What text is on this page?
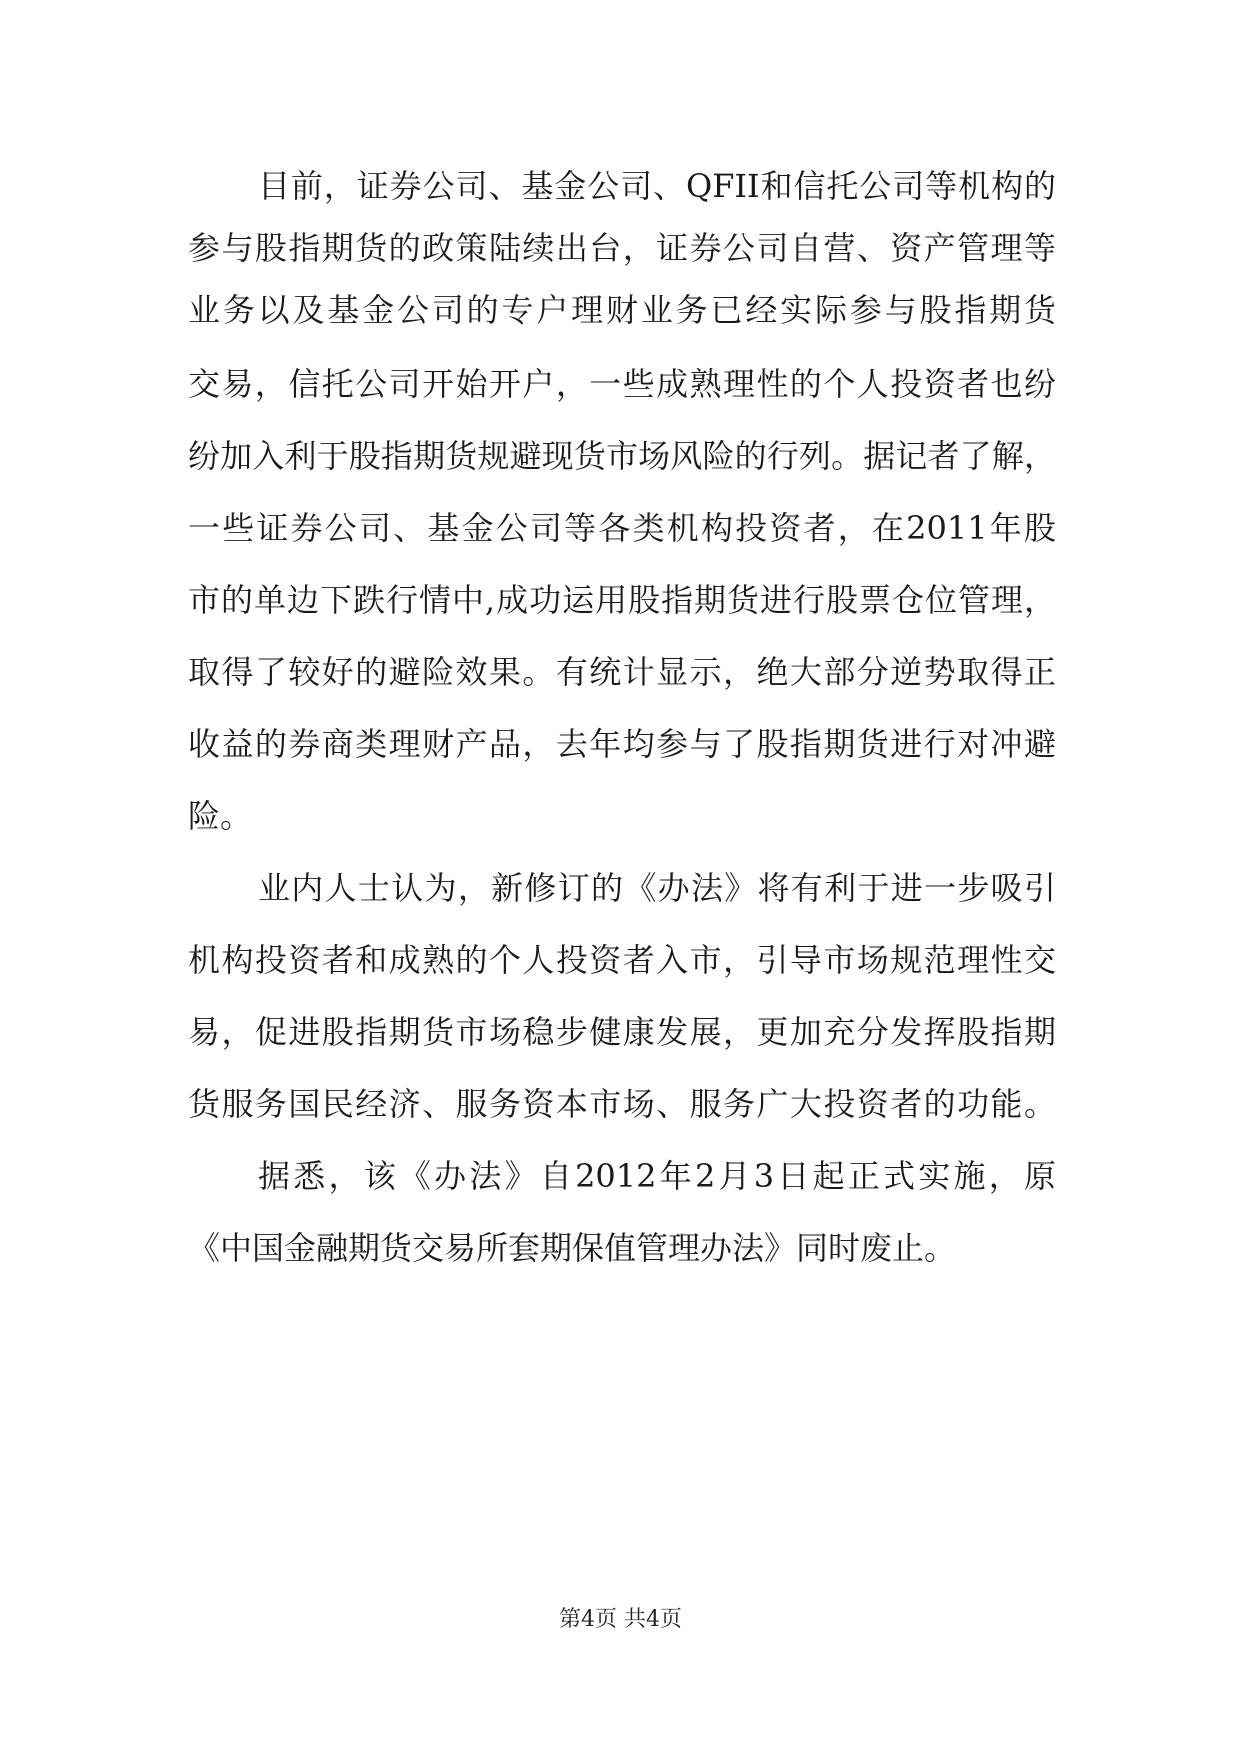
目前，证券公司、基金公司、QFII和信托公司等机构的
参与股指期货的政策陆续出台，证券公司自营、资产管理等
业务以及基金公司的专户理财业务已经实际参与股指期货
交易，信托公司开始开户，一些成熟理性的个人投资者也纷
纷加入利于股指期货规避现货市场风险的行列。据记者了解，
一些证券公司、基金公司等各类机构投资者，在2011年股
市的单边下跌行情中,成功运用股指期货进行股票仓位管理，
取得了较好的避险效果。有统计显示，绝大部分逆势取得正
收益的券商类理财产品，去年均参与了股指期货进行对冲避
险。
业内人士认为，新修订的《办法》将有利于进一步吸引
机构投资者和成熟的个人投资者入市，引导市场规范理性交
易，促进股指期货市场稳步健康发展，更加充分发挥股指期
货服务国民经济、服务资本市场、服务广大投资者的功能。
据悉，该《办法》自2012年2月3日起正式实施，原
《中国金融期货交易所套期保值管理办法》同时废止。
第4页 共4页
